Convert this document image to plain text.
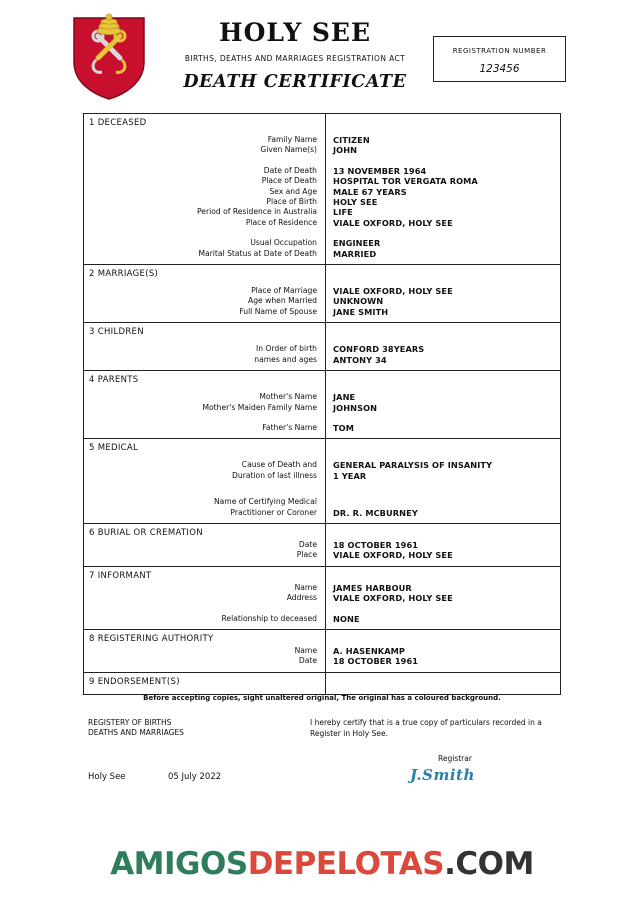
HOLY SEE

BIRTHS, DEATHS AND MARRIAGES REGISTRATION ACT

DEATH CERTIFICATE

REGISTRATION NUMBER
123456
1 DECEASED
Family Name
Given Name(s)
Date of Death
Place of Death
Sex and Age
Place of Birth
Period of Residence in Australia
Place of Residence
Usual Occupation
Marital Status at Date of Death

CITIZEN
JOHN
13 NOVEMBER 1964
HOSPITAL TOR VERGATA ROMA
MALE 67 YEARS
HOLY SEE
LIFE
VIALE OXFORD, HOLY SEE
ENGINEER
MARRIED
2 MARRIAGE(S)
Place of Marriage
Age when Married
Full Name of Spouse

VIALE OXFORD, HOLY SEE
UNKNOWN
JANE SMITH
3 CHILDREN
In Order of birth
names and ages

CONFORD 38YEARS
ANTONY 34
4 PARENTS
Mother's Name
Mother's Maiden Family Name
Father's Name

JANE
JOHNSON
TOM
5 MEDICAL
Cause of Death and
Duration of last illness
Name of Certifying Medical
Practitioner or Coroner

GENERAL PARALYSIS OF INSANITY
1 YEAR

DR. R. MCBURNEY
6 BURIAL OR CREMATION
Date
Place

18 OCTOBER 1961
VIALE OXFORD, HOLY SEE
7 INFORMANT
Name
Address
Relationship to deceased

JAMES HARBOUR
VIALE OXFORD, HOLY SEE
NONE
8 REGISTERING AUTHORITY
Name
Date

A. HASENKAMP
18 OCTOBER 1961
9 ENDORSEMENT(S)

Before accepting copies, sight unaltered original, The original has a coloured background.
REGISTERY OF BIRTHS
DEATHS AND MARRIAGES
I hereby certify that is a true copy of particulars recorded in a
Register in Holy See.
Holy See	05 July 2022
Registrar
J.Smith
AMIGOSDEPELOTAS.COM
